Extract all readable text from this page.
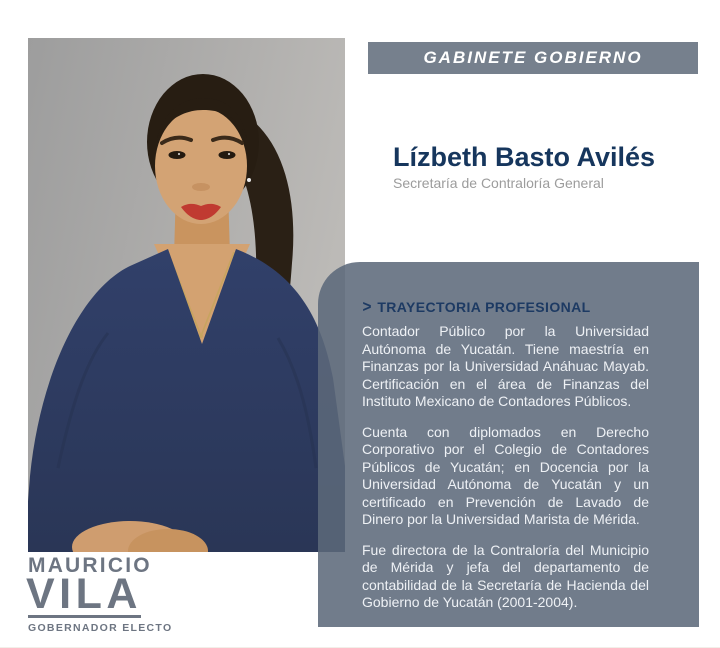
GABINETE GOBIERNO
Lízbeth Basto Avilés
Secretaría de Contraloría General
> TRAYECTORIA PROFESIONAL

Contador Público por la Universidad Autónoma de Yucatán. Tiene maestría en Finanzas por la Universidad Anáhuac Mayab. Certificación en el área de Finanzas del Instituto Mexicano de Contadores Públicos.

Cuenta con diplomados en Derecho Corporativo por el Colegio de Contadores Públicos de Yucatán; en Docencia por la Universidad Autónoma de Yucatán y un certificado en Prevención de Lavado de Dinero por la Universidad Marista de Mérida.

Fue directora de la Contraloría del Municipio de Mérida y jefa del departamento de contabilidad de la Secretaría de Hacienda del Gobierno de Yucatán (2001-2004).

MAURICIO
VILA
GOBERNADOR ELECTO
